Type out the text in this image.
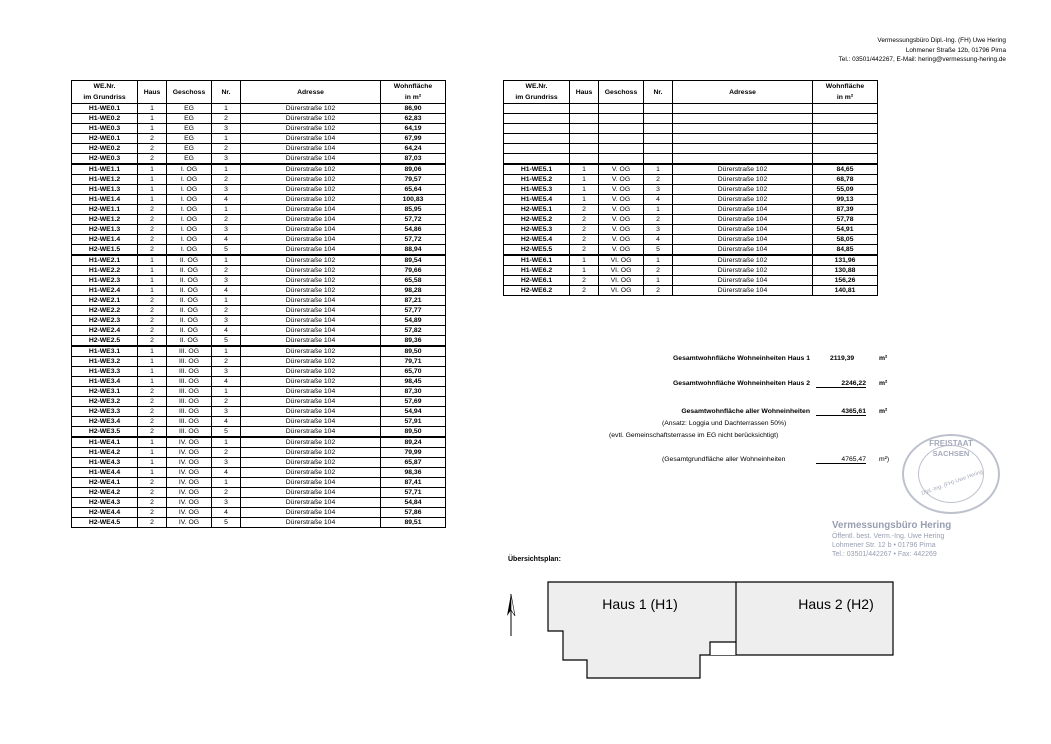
Vermessungsbüro Dipl.-Ing. (FH) Uwe Hering
Lohmener Straße 12b, 01796 Pirna
Tel.: 03501/442267, E-Mail: hering@vermessung-hering.de
WE.Nr.
im Grundriss	Haus	Geschoss	Nr.	Adresse	Wohnfläche
in m²
H1-WE0.1	1	EG	1	Dürerstraße 102	86,90
H1-WE0.2	1	EG	2	Dürerstraße 102	62,83
H1-WE0.3	1	EG	3	Dürerstraße 102	64,19
H2-WE0.1	2	EG	1	Dürerstraße 104	67,99
H2-WE0.2	2	EG	2	Dürerstraße 104	64,24
H2-WE0.3	2	EG	3	Dürerstraße 104	87,03
H1-WE1.1	1	I. OG	1	Dürerstraße 102	89,06
H1-WE1.2	1	I. OG	2	Dürerstraße 102	79,57
H1-WE1.3	1	I. OG	3	Dürerstraße 102	65,64
H1-WE1.4	1	I. OG	4	Dürerstraße 102	100,83
H2-WE1.1	2	I. OG	1	Dürerstraße 104	85,95
H2-WE1.2	2	I. OG	2	Dürerstraße 104	57,72
H2-WE1.3	2	I. OG	3	Dürerstraße 104	54,86
H2-WE1.4	2	I. OG	4	Dürerstraße 104	57,72
H2-WE1.5	2	I. OG	5	Dürerstraße 104	88,94
H1-WE2.1	1	II. OG	1	Dürerstraße 102	89,54
H1-WE2.2	1	II. OG	2	Dürerstraße 102	79,66
H1-WE2.3	1	II. OG	3	Dürerstraße 102	65,58
H1-WE2.4	1	II. OG	4	Dürerstraße 102	98,28
H2-WE2.1	2	II. OG	1	Dürerstraße 104	87,21
H2-WE2.2	2	II. OG	2	Dürerstraße 104	57,77
H2-WE2.3	2	II. OG	3	Dürerstraße 104	54,89
H2-WE2.4	2	II. OG	4	Dürerstraße 104	57,82
H2-WE2.5	2	II. OG	5	Dürerstraße 104	89,36
H1-WE3.1	1	III. OG	1	Dürerstraße 102	89,50
H1-WE3.2	1	III. OG	2	Dürerstraße 102	79,71
H1-WE3.3	1	III. OG	3	Dürerstraße 102	65,70
H1-WE3.4	1	III. OG	4	Dürerstraße 102	98,45
H2-WE3.1	2	III. OG	1	Dürerstraße 104	87,30
H2-WE3.2	2	III. OG	2	Dürerstraße 104	57,69
H2-WE3.3	2	III. OG	3	Dürerstraße 104	54,94
H2-WE3.4	2	III. OG	4	Dürerstraße 104	57,91
H2-WE3.5	2	III. OG	5	Dürerstraße 104	89,50
H1-WE4.1	1	IV. OG	1	Dürerstraße 102	89,24
H1-WE4.2	1	IV. OG	2	Dürerstraße 102	79,99
H1-WE4.3	1	IV. OG	3	Dürerstraße 102	65,87
H1-WE4.4	1	IV. OG	4	Dürerstraße 102	98,36
H2-WE4.1	2	IV. OG	1	Dürerstraße 104	87,41
H2-WE4.2	2	IV. OG	2	Dürerstraße 104	57,71
H2-WE4.3	2	IV. OG	3	Dürerstraße 104	54,84
H2-WE4.4	2	IV. OG	4	Dürerstraße 104	57,86
H2-WE4.5	2	IV. OG	5	Dürerstraße 104	89,51
WE.Nr.
im Grundriss	Haus	Geschoss	Nr.	Adresse	Wohnfläche
in m²

H1-WE5.1	1	V. OG	1	Dürerstraße 102	84,65
H1-WE5.2	1	V. OG	2	Dürerstraße 102	68,78
H1-WE5.3	1	V. OG	3	Dürerstraße 102	55,09
H1-WE5.4	1	V. OG	4	Dürerstraße 102	99,13
H2-WE5.1	2	V. OG	1	Dürerstraße 104	87,39
H2-WE5.2	2	V. OG	2	Dürerstraße 104	57,78
H2-WE5.3	2	V. OG	3	Dürerstraße 104	54,91
H2-WE5.4	2	V. OG	4	Dürerstraße 104	58,05
H2-WE5.5	2	V. OG	5	Dürerstraße 104	84,85
H1-WE6.1	1	VI. OG	1	Dürerstraße 102	131,96
H1-WE6.2	1	VI. OG	2	Dürerstraße 102	130,88
H2-WE6.1	2	VI. OG	1	Dürerstraße 104	156,26
H2-WE6.2	2	VI. OG	2	Dürerstraße 104	140,81
Gesamtwohnfläche Wohneinheiten Haus 1	2119,39	m²
Gesamtwohnfläche Wohneinheiten Haus 2	2246,22 m²
Gesamtwohnfläche aller Wohneinheiten	4365,61 m²
(Ansatz: Loggia und Dachterrassen 50%)
(evtl. Gemeinschaftsterrasse im EG nicht berücksichtigt)
(Gesamtgrundfläche aller Wohneinheiten	4765,47 m²)
FREISTAAT
SACHSEN
Dipl.-Ing. (FH) Uwe Hering
Vermessungsbüro Hering
Öffentl. best. Verm.-Ing. Uwe Hering
Lohmener Str. 12 b • 01796 Pirna
Tel.: 03501/442267 • Fax: 442269
Übersichtsplan:
Haus 1 (H1)	Haus 2 (H2)
